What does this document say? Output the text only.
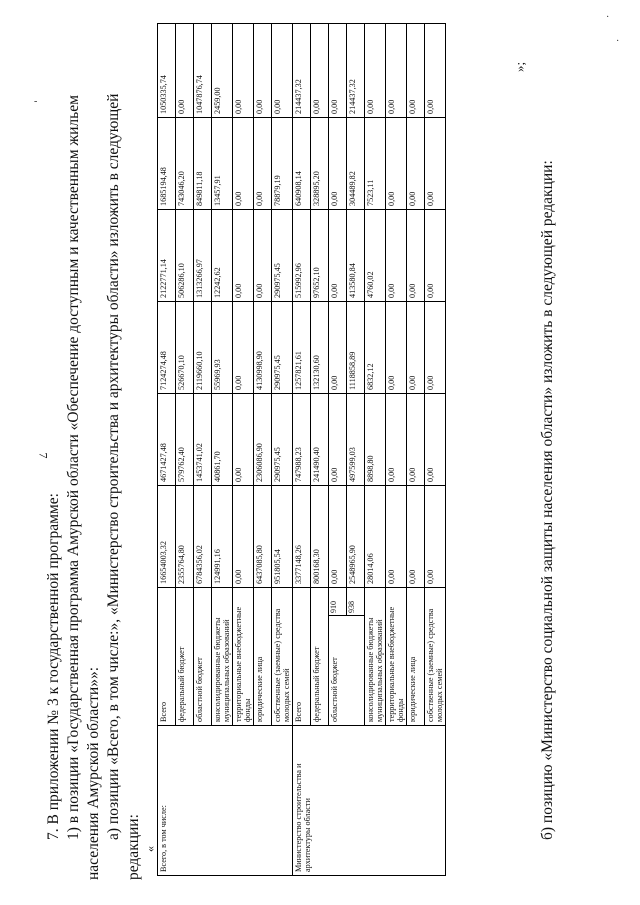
7
·
·
-
7. В приложении № 3 к государственной программе: 1) в позиции «Государственная программа Амурской области «Обеспечение доступным и качественным жильем населения Амурской области»»: а) позиции «Всего, в том числе:», «Министерство строительства и архитектуры области» изложить в следующей
редакции: « Всего, в том числе:	Всего		16654003,32	4671427,48	7124274,48	2122771,14	1685194,48	1050335,74
	федеральный бюджет		2355764,80	579762,40	526670,10	506286,10	743046,20	0,00
	областной бюджет		6784356,02	1453741,02	2119660,10	1313266,97	849811,18	1047876,74
	консолидированные бюджеты муниципальных образований		124991,16	40861,70	55969,93	12242,62	13457,91	2459,00
	территориальные внебюджетные фонды		0,00	0,00	0,00	0,00	0,00	0,00
	юридические лица		6437085,80	2306086,90	4130998,90	0,00	0,00	0,00
	собственные (заемные) средства молодых семей		951805,54	290975,45	290975,45	290975,45	78879,19	0,00
Министерство строительства и архитектуры области	Всего		3377148,26	747988,23	1257821,61	515992,96	640908,14	214437,32
	федеральный бюджет		800168,30	241490,40	132130,60	97652,10	328895,20	0,00
	областной бюджет	910	0,00	0,00	0,00	0,00	0,00	0,00
		938	2548965,90	497599,03	1118858,89	413580,84	304489,82	214437,32
	консолидированные бюджеты муниципальных образований		28014,06	8898,80	6832,12	4760,02	7523,11	0,00
	территориальные внебюджетные фонды		0,00	0,00	0,00	0,00	0,00	0,00
	юридические лица		0,00	0,00	0,00	0,00	0,00	0,00
	собственные (заемные) средства молодых семей		0,00	0,00	0,00	0,00	0,00	0,00
»;
б) позицию «Министерство социальной защиты населения области» изложить в следующей редакции:
